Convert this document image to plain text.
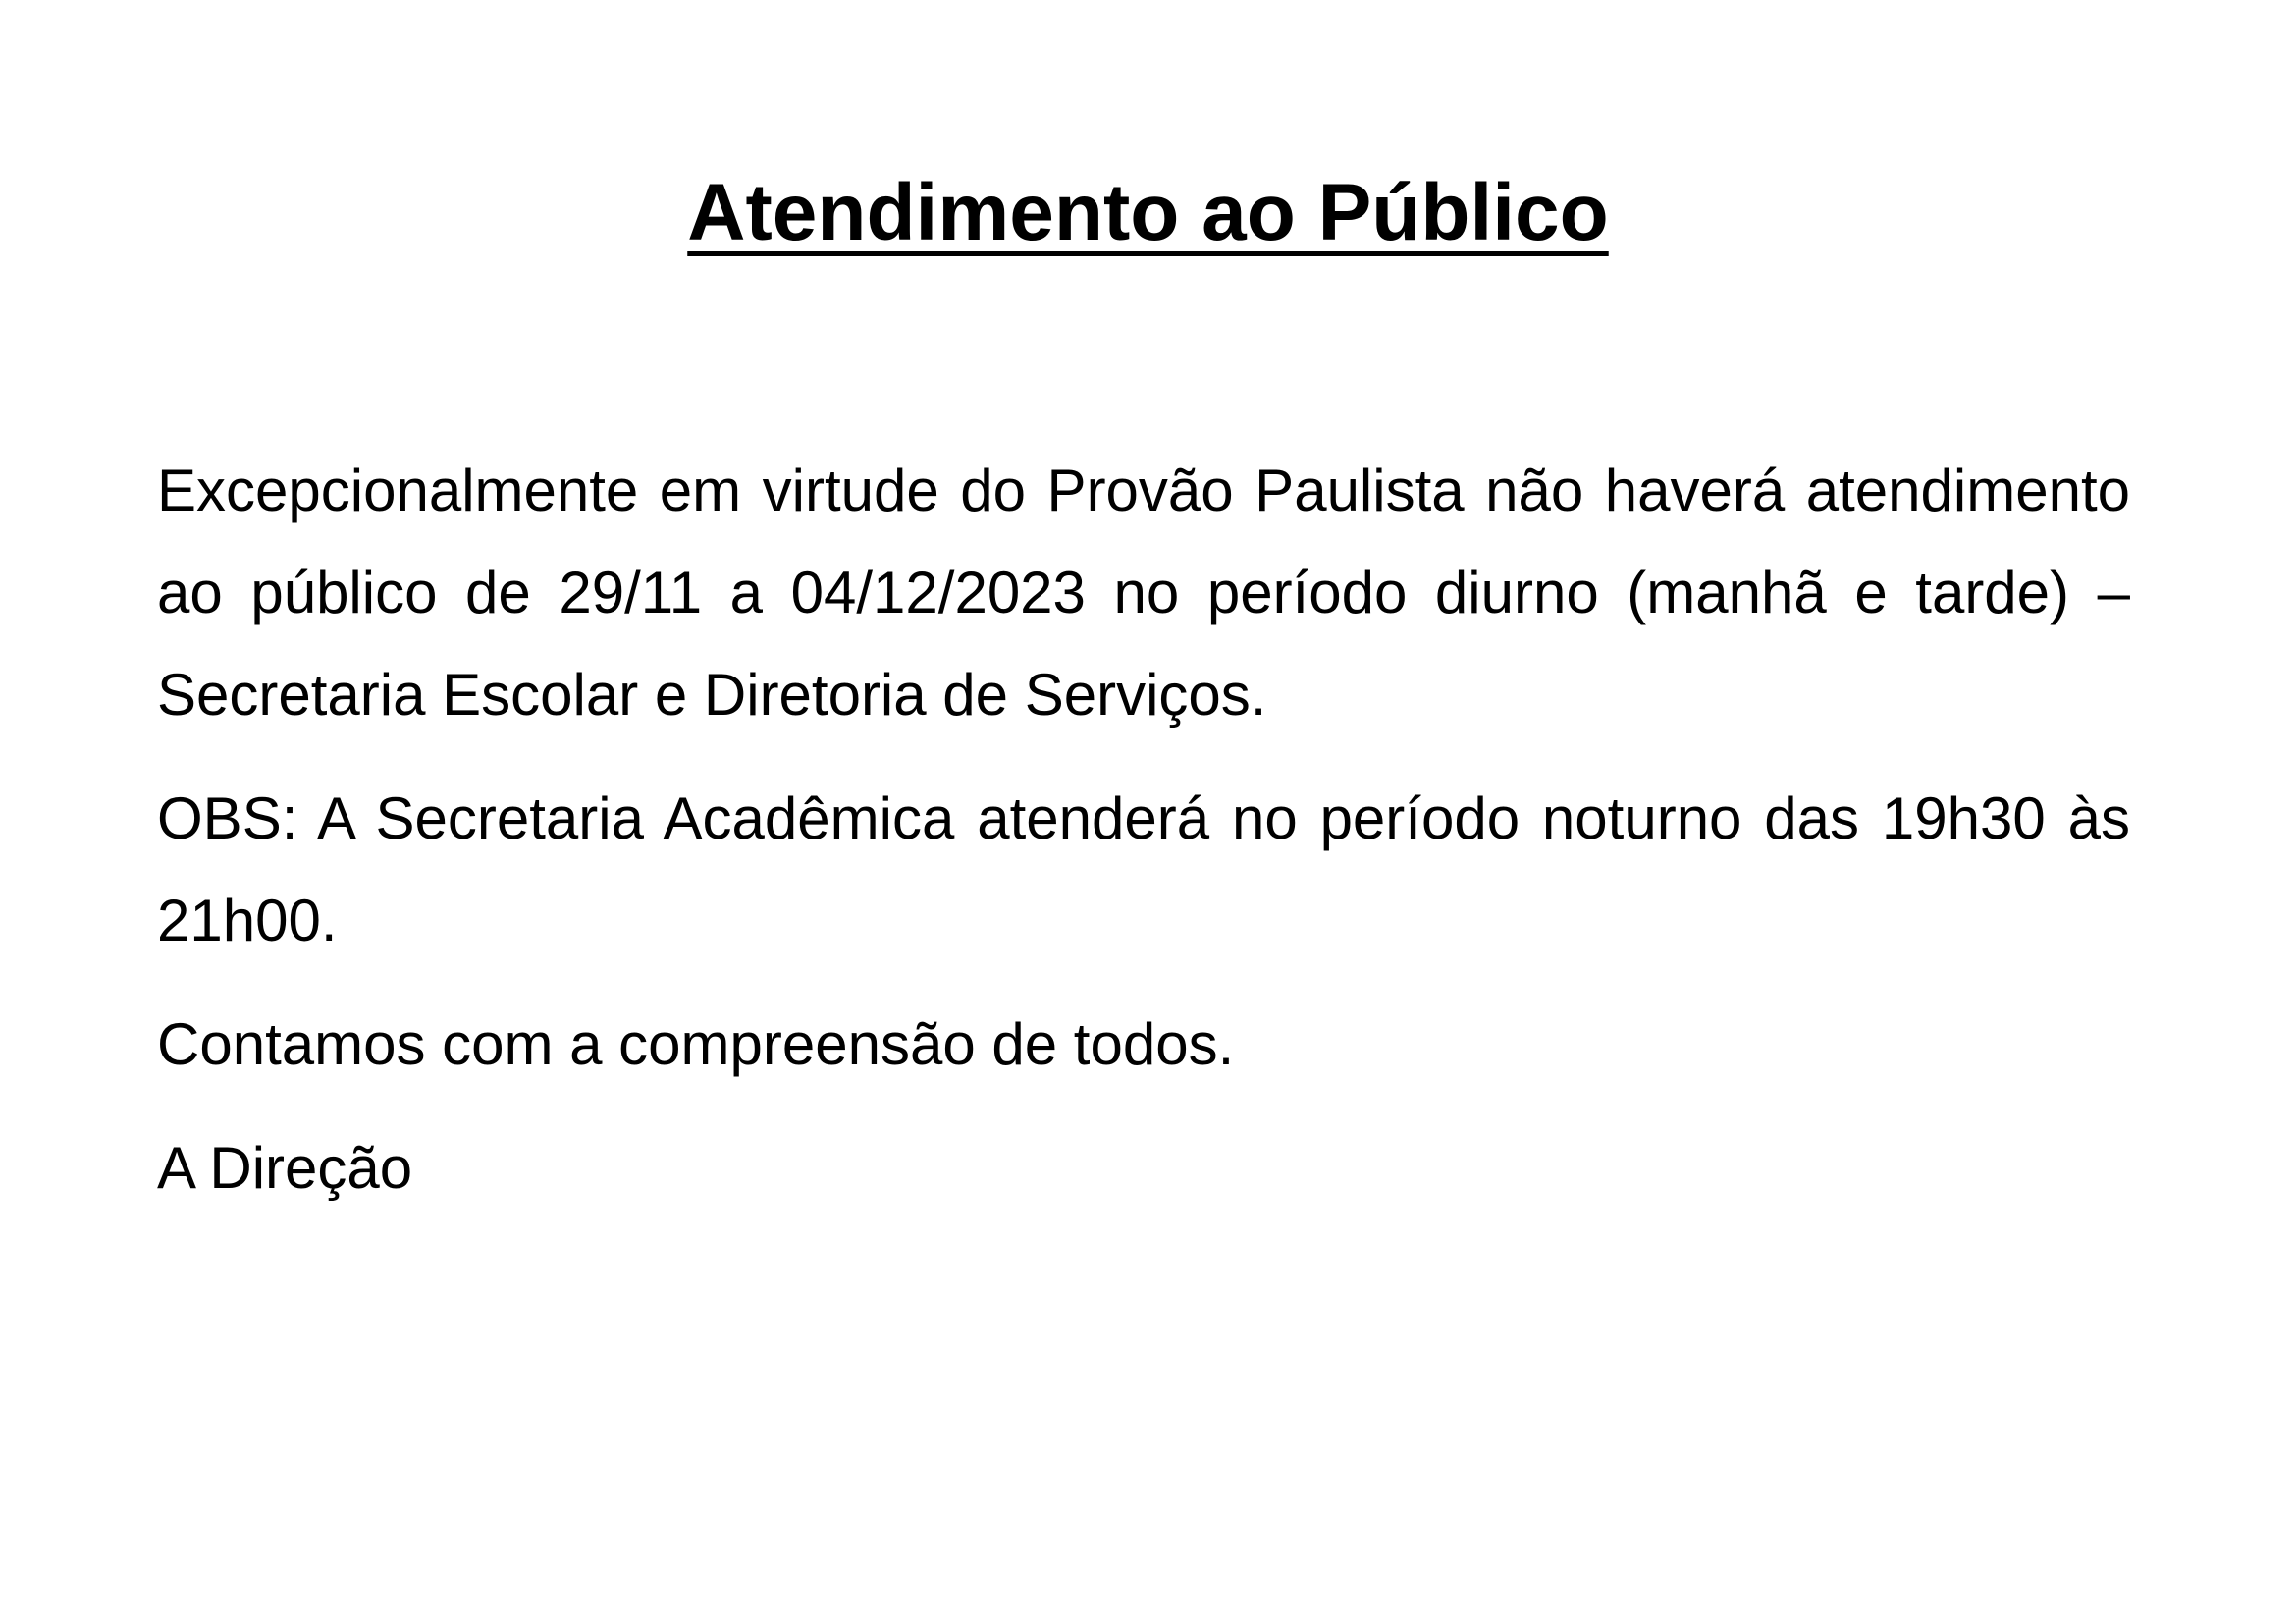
Atendimento ao Público

Excepcionalmente em virtude do Provão Paulista não haverá atendimento ao público de 29/11 a 04/12/2023 no período diurno (manhã e tarde) – Secretaria Escolar e Diretoria de Serviços.

OBS: A Secretaria Acadêmica atenderá no período noturno das 19h30 às 21h00.

Contamos com a compreensão de todos.

A Direção
